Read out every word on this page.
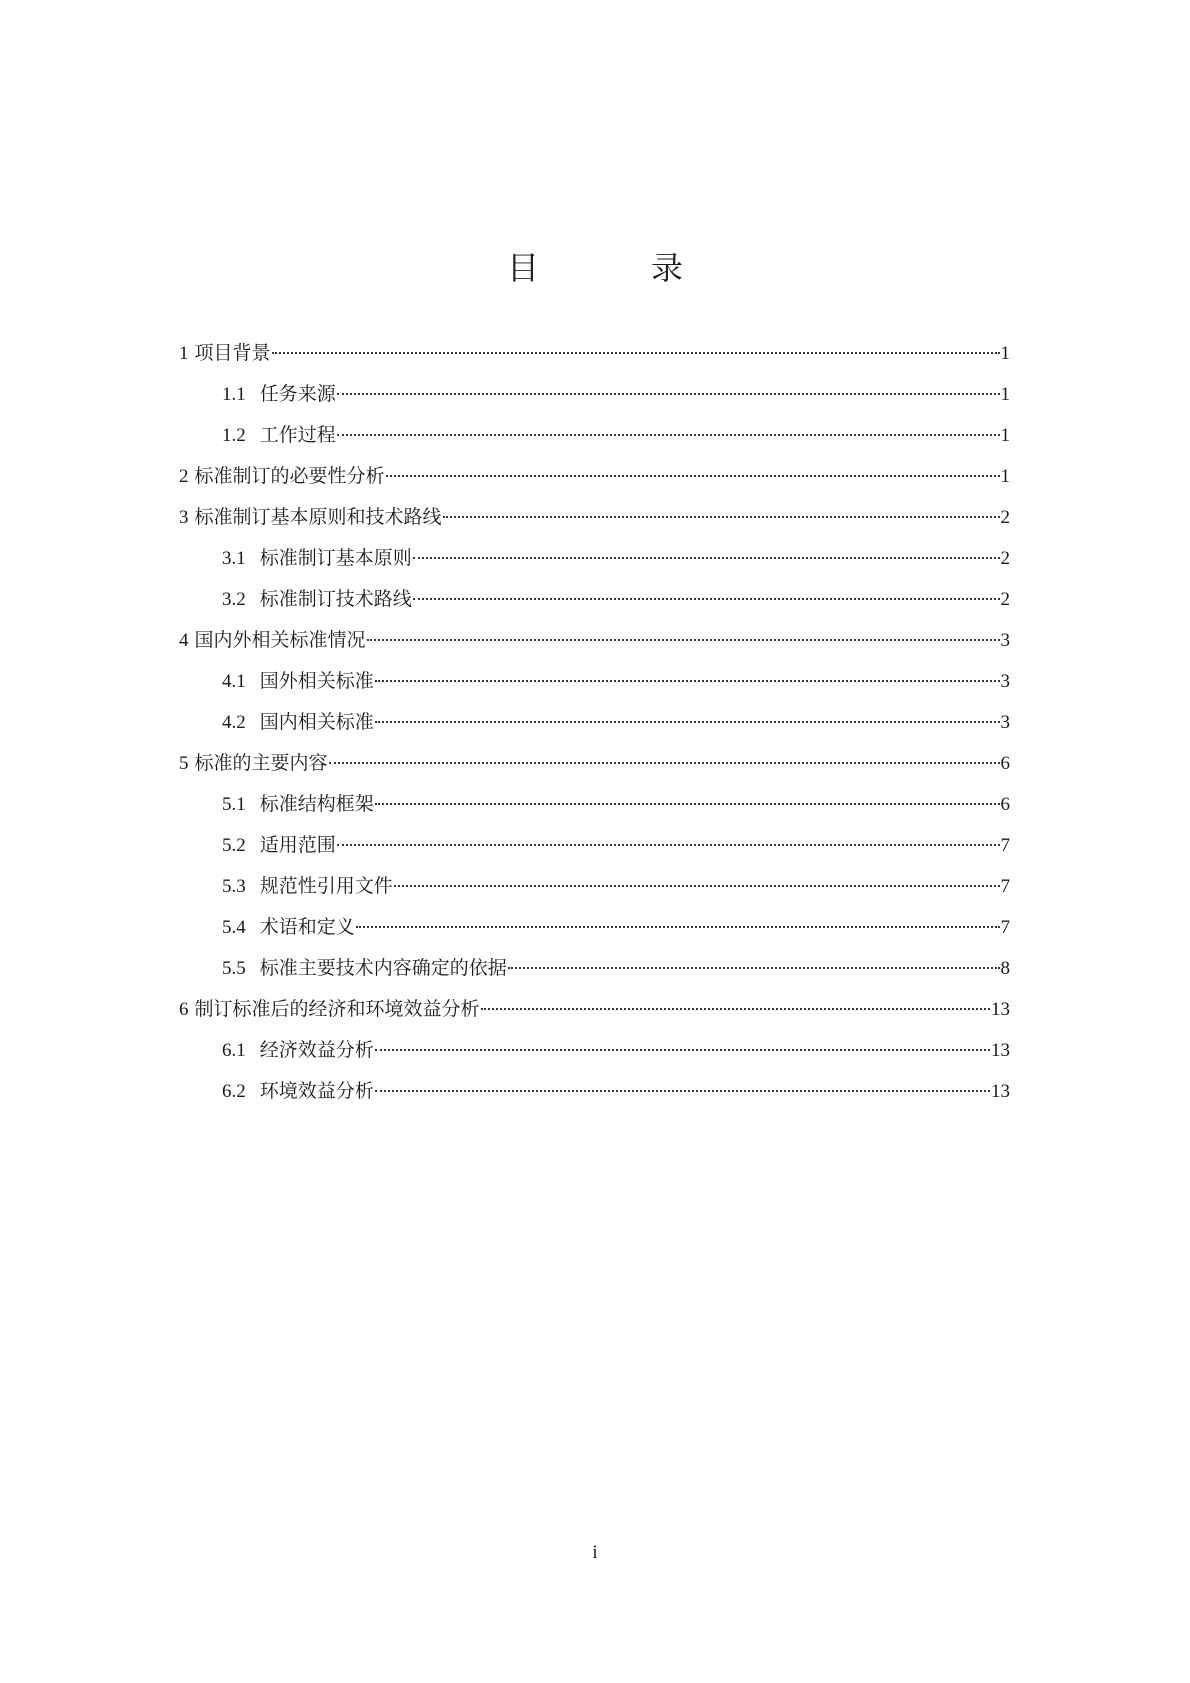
目　录
1 项目背景	1
1.1 任务来源	1
1.2 工作过程	1
2 标准制订的必要性分析	1
3 标准制订基本原则和技术路线	2
3.1 标准制订基本原则	2
3.2 标准制订技术路线	2
4 国内外相关标准情况	3
4.1 国外相关标准	3
4.2 国内相关标准	3
5 标准的主要内容	6
5.1 标准结构框架	6
5.2 适用范围	7
5.3 规范性引用文件	7
5.4 术语和定义	7
5.5 标准主要技术内容确定的依据	8
6 制订标准后的经济和环境效益分析	13
6.1 经济效益分析	13
6.2 环境效益分析	13
i
